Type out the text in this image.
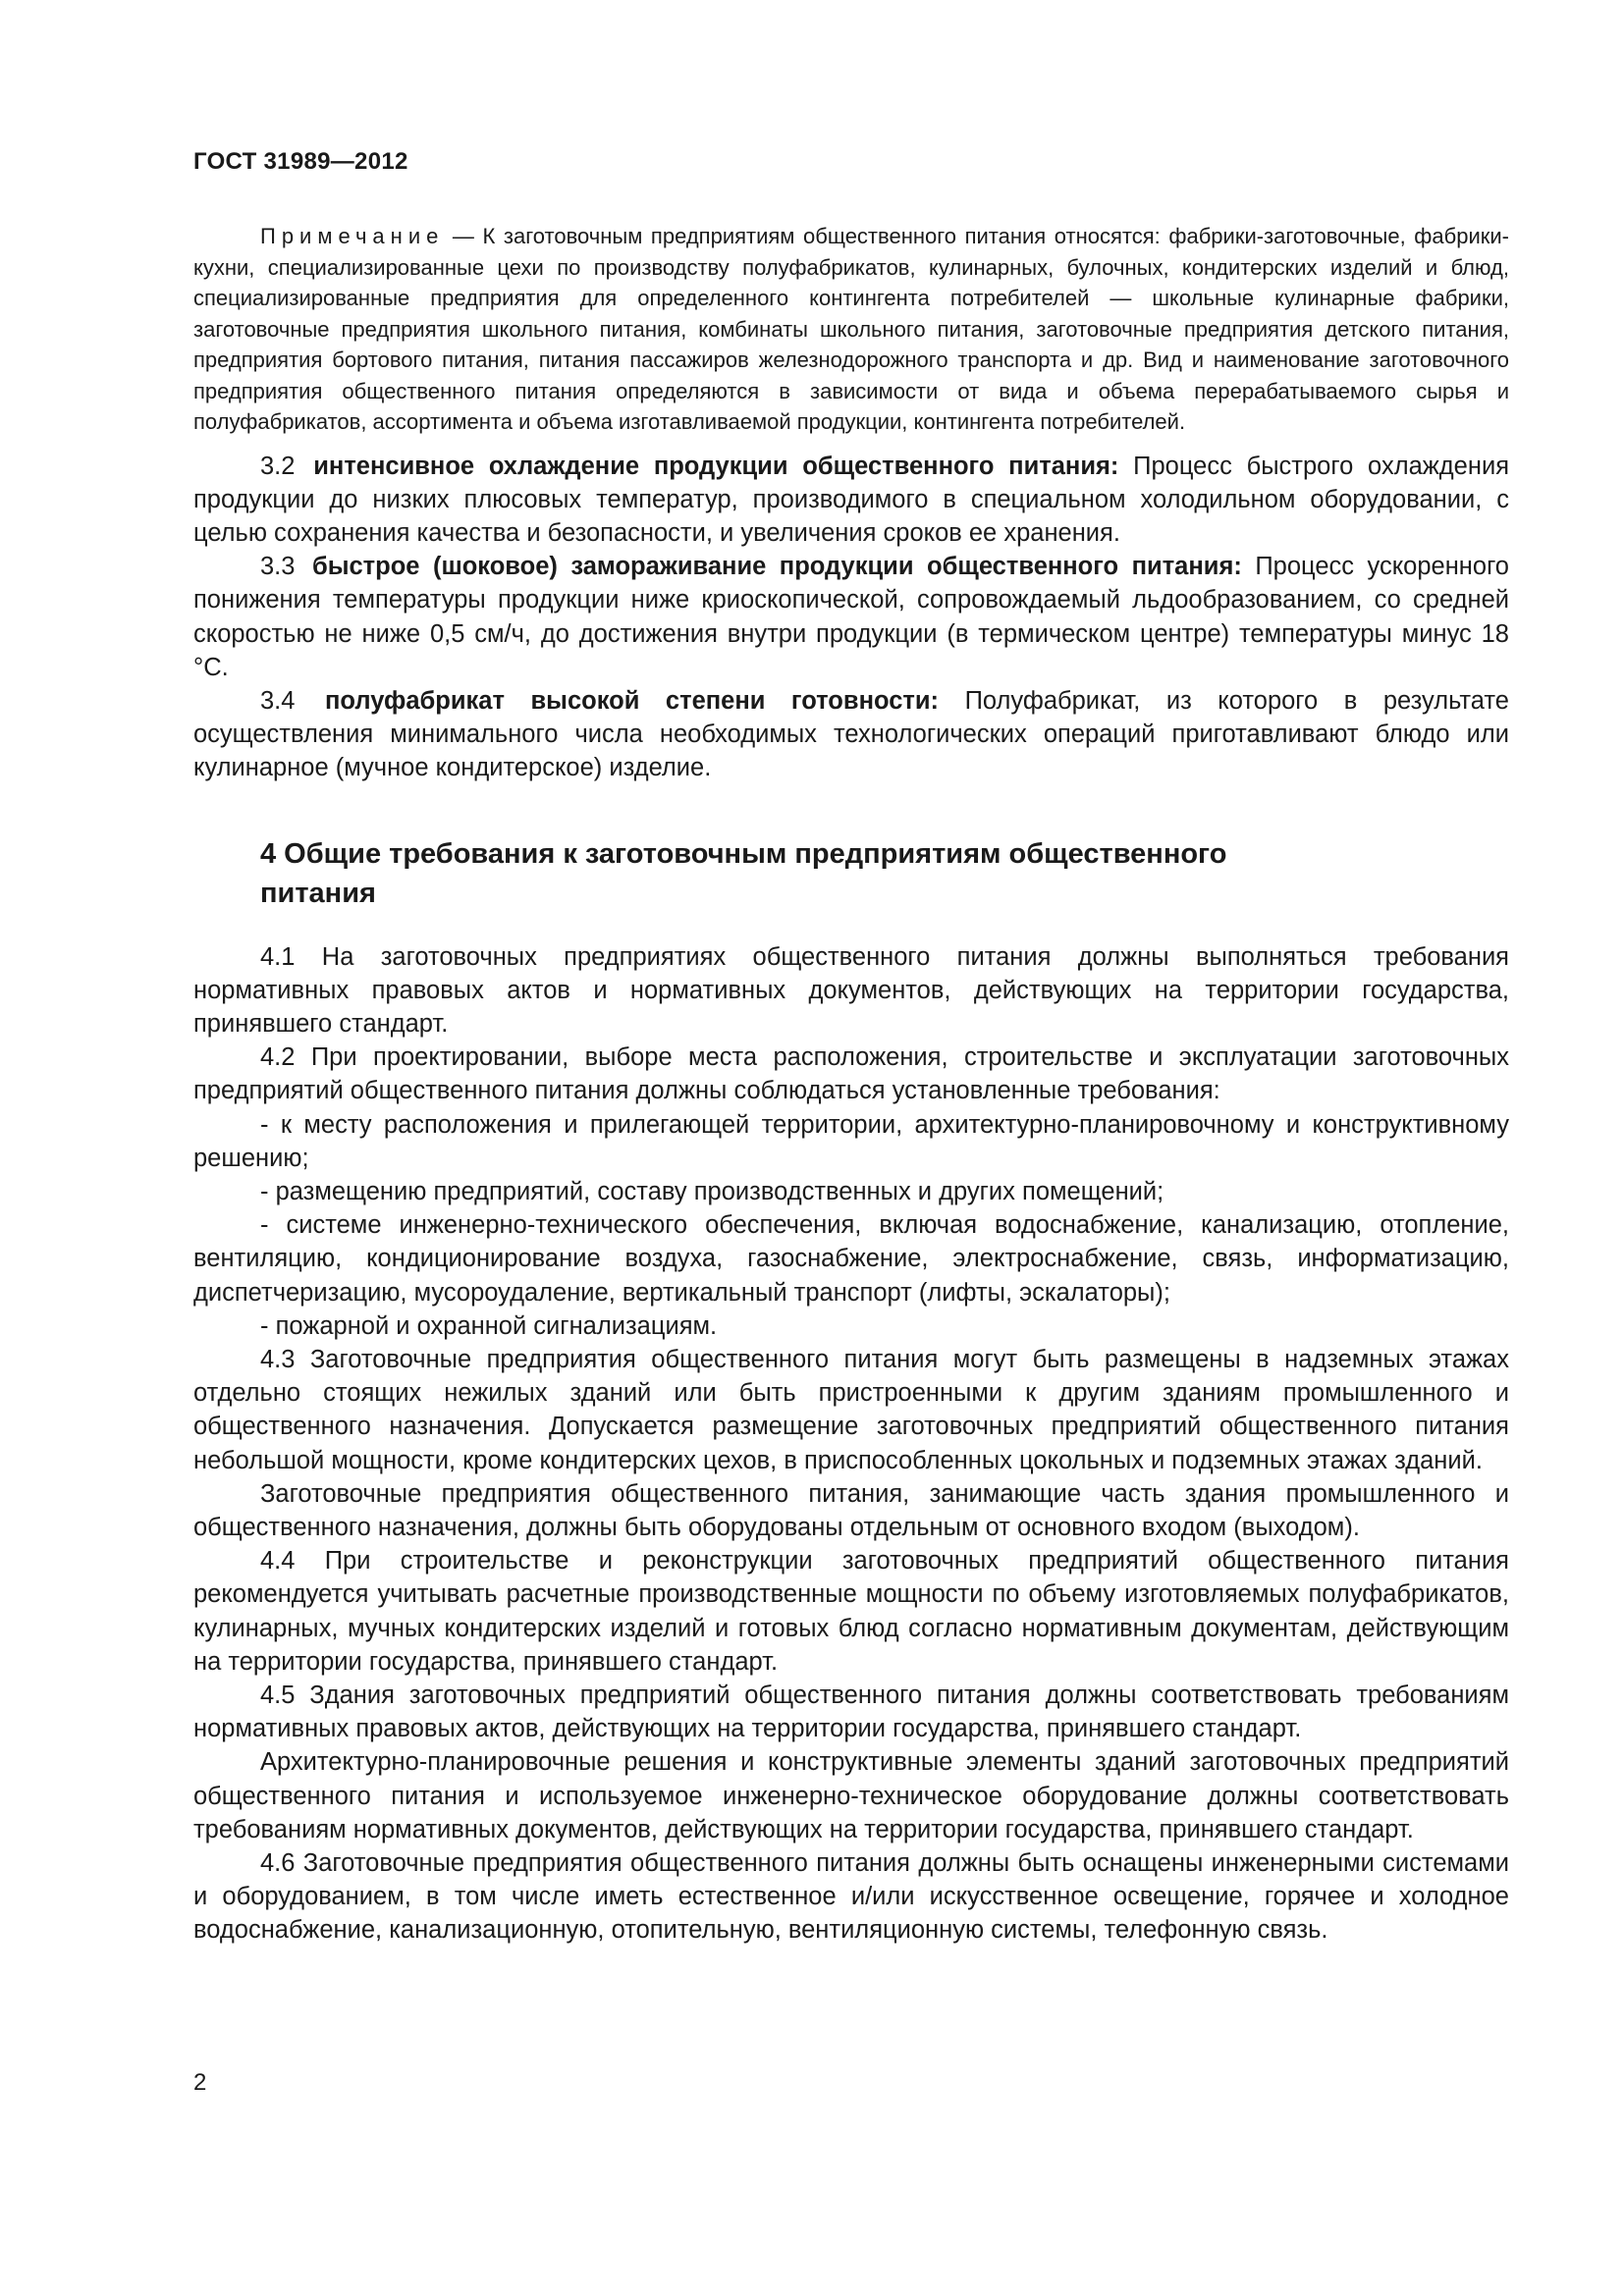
ГОСТ 31989—2012

Примечание — К заготовочным предприятиям общественного питания относятся: фабрики-заготовочные, фабрики-кухни, специализированные цехи по производству полуфабрикатов, кулинарных, булочных, кондитерских изделий и блюд, специализированные предприятия для определенного контингента потребителей — школьные кулинарные фабрики, заготовочные предприятия школьного питания, комбинаты школьного питания, заготовочные предприятия детского питания, предприятия бортового питания, питания пассажиров железнодорожного транспорта и др. Вид и наименование заготовочного предприятия общественного питания определяются в зависимости от вида и объема перерабатываемого сырья и полуфабрикатов, ассортимента и объема изготавливаемой продукции, контингента потребителей.

3.2 интенсивное охлаждение продукции общественного питания: Процесс быстрого охлаждения продукции до низких плюсовых температур, производимого в специальном холодильном оборудовании, с целью сохранения качества и безопасности, и увеличения сроков ее хранения.

3.3 быстрое (шоковое) замораживание продукции общественного питания: Процесс ускоренного понижения температуры продукции ниже криоскопической, сопровождаемый льдообразованием, со средней скоростью не ниже 0,5 см/ч, до достижения внутри продукции (в термическом центре) температуры минус 18 °С.

3.4 полуфабрикат высокой степени готовности: Полуфабрикат, из которого в результате осуществления минимального числа необходимых технологических операций приготавливают блюдо или кулинарное (мучное кондитерское) изделие.

4 Общие требования к заготовочным предприятиям общественного питания

4.1 На заготовочных предприятиях общественного питания должны выполняться требования нормативных правовых актов и нормативных документов, действующих на территории государства, принявшего стандарт.

4.2 При проектировании, выборе места расположения, строительстве и эксплуатации заготовочных предприятий общественного питания должны соблюдаться установленные требования:

- к месту расположения и прилегающей территории, архитектурно-планировочному и конструктивному решению;

- размещению предприятий, составу производственных и других помещений;

- системе инженерно-технического обеспечения, включая водоснабжение, канализацию, отопление, вентиляцию, кондиционирование воздуха, газоснабжение, электроснабжение, связь, информатизацию, диспетчеризацию, мусороудаление, вертикальный транспорт (лифты, эскалаторы);

- пожарной и охранной сигнализациям.

4.3 Заготовочные предприятия общественного питания могут быть размещены в надземных этажах отдельно стоящих нежилых зданий или быть пристроенными к другим зданиям промышленного и общественного назначения. Допускается размещение заготовочных предприятий общественного питания небольшой мощности, кроме кондитерских цехов, в приспособленных цокольных и подземных этажах зданий.

Заготовочные предприятия общественного питания, занимающие часть здания промышленного и общественного назначения, должны быть оборудованы отдельным от основного входом (выходом).

4.4 При строительстве и реконструкции заготовочных предприятий общественного питания рекомендуется учитывать расчетные производственные мощности по объему изготовляемых полуфабрикатов, кулинарных, мучных кондитерских изделий и готовых блюд согласно нормативным документам, действующим на территории государства, принявшего стандарт.

4.5 Здания заготовочных предприятий общественного питания должны соответствовать требованиям нормативных правовых актов, действующих на территории государства, принявшего стандарт.

Архитектурно-планировочные решения и конструктивные элементы зданий заготовочных предприятий общественного питания и используемое инженерно-техническое оборудование должны соответствовать требованиям нормативных документов, действующих на территории государства, принявшего стандарт.

4.6 Заготовочные предприятия общественного питания должны быть оснащены инженерными системами и оборудованием, в том числе иметь естественное и/или искусственное освещение, горячее и холодное водоснабжение, канализационную, отопительную, вентиляционную системы, телефонную связь.

2
